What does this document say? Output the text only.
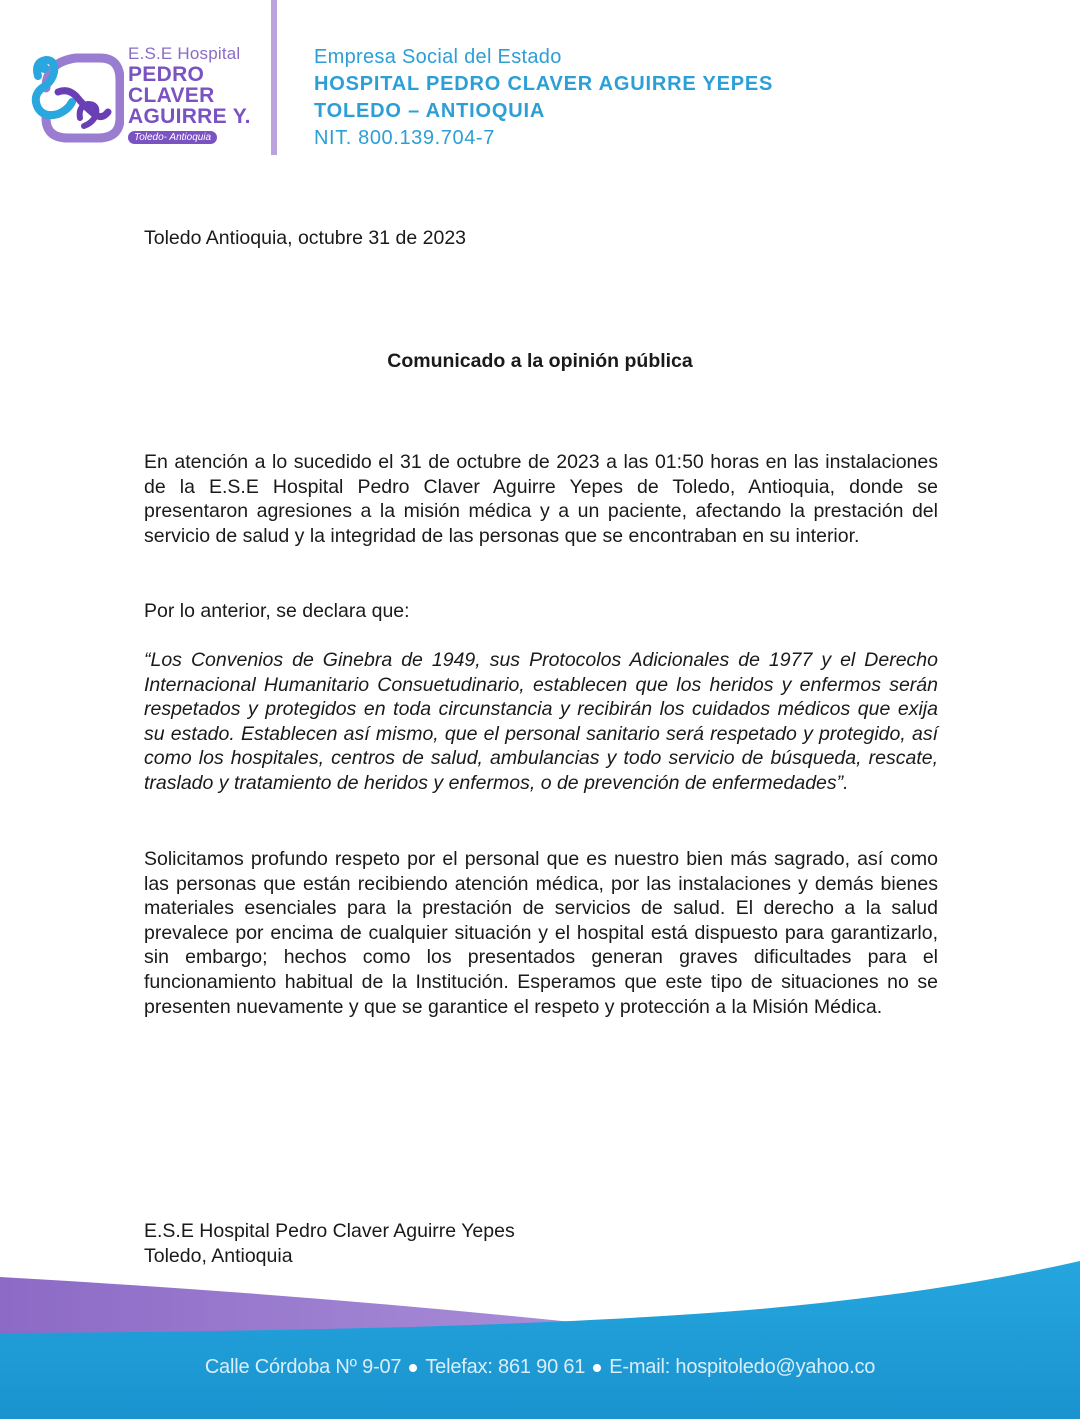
E.S.E Hospital
PEDRO
CLAVER
AGUIRRE Y.
Toledo- Antioquia
Empresa Social del Estado
HOSPITAL PEDRO CLAVER AGUIRRE YEPES
TOLEDO – ANTIOQUIA
NIT. 800.139.704-7
Toledo Antioquia, octubre 31 de 2023
Comunicado a la opinión pública
En atención a lo sucedido el 31 de octubre de 2023 a las 01:50 horas en las instalaciones de la E.S.E Hospital Pedro Claver Aguirre Yepes de Toledo, Antioquia, donde se presentaron agresiones a la misión médica y a un paciente, afectando la prestación del servicio de salud y la integridad de las personas que se encontraban en su interior.
Por lo anterior, se declara que:
“Los Convenios de Ginebra de 1949, sus Protocolos Adicionales de 1977 y el Derecho Internacional Humanitario Consuetudinario, establecen que los heridos y enfermos serán respetados y protegidos en toda circunstancia y recibirán los cuidados médicos que exija su estado. Establecen así mismo, que el personal sanitario será respetado y protegido, así como los hospitales, centros de salud, ambulancias y todo servicio de búsqueda, rescate, traslado y tratamiento de heridos y enfermos, o de prevención de enfermedades”.
Solicitamos profundo respeto por el personal que es nuestro bien más sagrado, así como las personas que están recibiendo atención médica, por las instalaciones y demás bienes materiales esenciales para la prestación de servicios de salud. El derecho a la salud prevalece por encima de cualquier situación y el hospital está dispuesto para garantizarlo, sin embargo; hechos como los presentados generan graves dificultades para el funcionamiento habitual de la Institución. Esperamos que este tipo de situaciones no se presenten nuevamente y que se garantice el respeto y protección a la Misión Médica.
E.S.E Hospital Pedro Claver Aguirre Yepes
Toledo, Antioquia
Calle Córdoba Nº 9-07 Telefax: 861 90 61 E-mail: hospitoledo@yahoo.co
